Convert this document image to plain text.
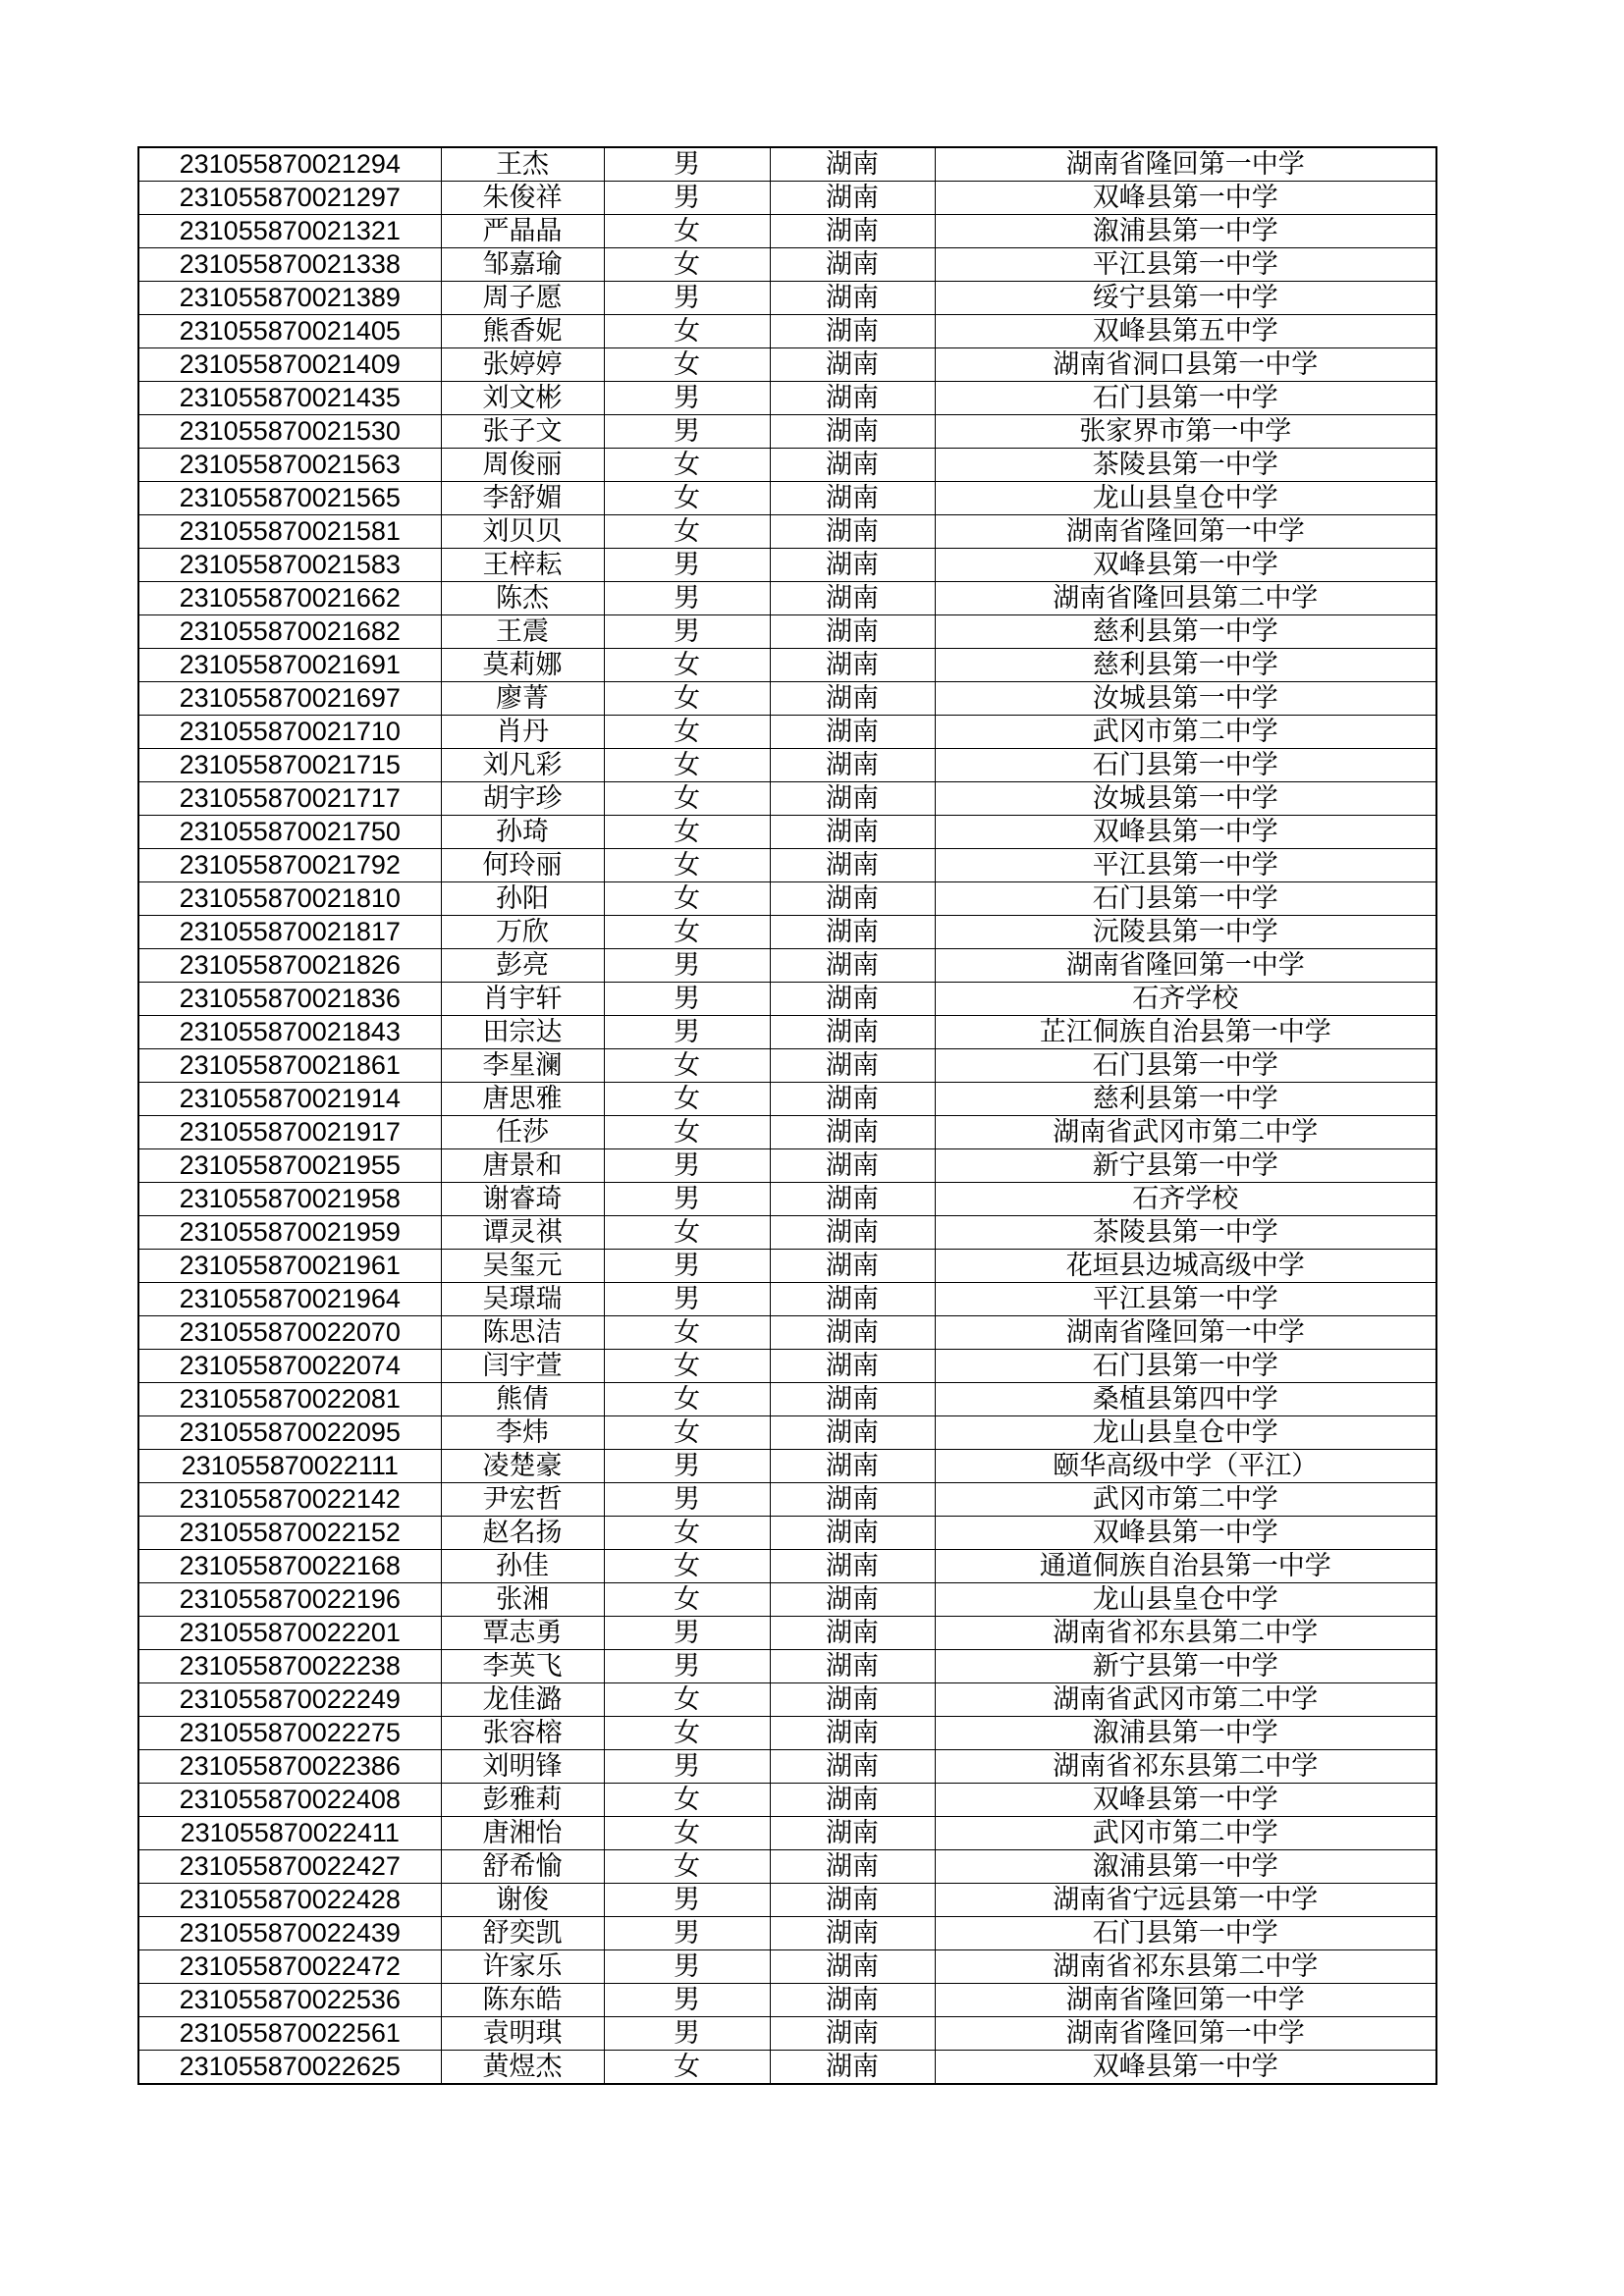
231055870021294	王杰	男	湖南	湖南省隆回第一中学
231055870021297	朱俊祥	男	湖南	双峰县第一中学
231055870021321	严晶晶	女	湖南	溆浦县第一中学
231055870021338	邹嘉瑜	女	湖南	平江县第一中学
231055870021389	周子愿	男	湖南	绥宁县第一中学
231055870021405	熊香妮	女	湖南	双峰县第五中学
231055870021409	张婷婷	女	湖南	湖南省洞口县第一中学
231055870021435	刘文彬	男	湖南	石门县第一中学
231055870021530	张子文	男	湖南	张家界市第一中学
231055870021563	周俊丽	女	湖南	茶陵县第一中学
231055870021565	李舒媚	女	湖南	龙山县皇仓中学
231055870021581	刘贝贝	女	湖南	湖南省隆回第一中学
231055870021583	王梓耘	男	湖南	双峰县第一中学
231055870021662	陈杰	男	湖南	湖南省隆回县第二中学
231055870021682	王震	男	湖南	慈利县第一中学
231055870021691	莫莉娜	女	湖南	慈利县第一中学
231055870021697	廖菁	女	湖南	汝城县第一中学
231055870021710	肖丹	女	湖南	武冈市第二中学
231055870021715	刘凡彩	女	湖南	石门县第一中学
231055870021717	胡宇珍	女	湖南	汝城县第一中学
231055870021750	孙琦	女	湖南	双峰县第一中学
231055870021792	何玲丽	女	湖南	平江县第一中学
231055870021810	孙阳	女	湖南	石门县第一中学
231055870021817	万欣	女	湖南	沅陵县第一中学
231055870021826	彭亮	男	湖南	湖南省隆回第一中学
231055870021836	肖宇轩	男	湖南	石齐学校
231055870021843	田宗达	男	湖南	芷江侗族自治县第一中学
231055870021861	李星澜	女	湖南	石门县第一中学
231055870021914	唐思雅	女	湖南	慈利县第一中学
231055870021917	任莎	女	湖南	湖南省武冈市第二中学
231055870021955	唐景和	男	湖南	新宁县第一中学
231055870021958	谢睿琦	男	湖南	石齐学校
231055870021959	谭灵祺	女	湖南	茶陵县第一中学
231055870021961	吴玺元	男	湖南	花垣县边城高级中学
231055870021964	吴璟瑞	男	湖南	平江县第一中学
231055870022070	陈思洁	女	湖南	湖南省隆回第一中学
231055870022074	闫宇萱	女	湖南	石门县第一中学
231055870022081	熊倩	女	湖南	桑植县第四中学
231055870022095	李炜	女	湖南	龙山县皇仓中学
231055870022111	凌楚豪	男	湖南	颐华高级中学（平江）
231055870022142	尹宏哲	男	湖南	武冈市第二中学
231055870022152	赵名扬	女	湖南	双峰县第一中学
231055870022168	孙佳	女	湖南	通道侗族自治县第一中学
231055870022196	张湘	女	湖南	龙山县皇仓中学
231055870022201	覃志勇	男	湖南	湖南省祁东县第二中学
231055870022238	李英飞	男	湖南	新宁县第一中学
231055870022249	龙佳潞	女	湖南	湖南省武冈市第二中学
231055870022275	张容榕	女	湖南	溆浦县第一中学
231055870022386	刘明锋	男	湖南	湖南省祁东县第二中学
231055870022408	彭雅莉	女	湖南	双峰县第一中学
231055870022411	唐湘怡	女	湖南	武冈市第二中学
231055870022427	舒希愉	女	湖南	溆浦县第一中学
231055870022428	谢俊	男	湖南	湖南省宁远县第一中学
231055870022439	舒奕凯	男	湖南	石门县第一中学
231055870022472	许家乐	男	湖南	湖南省祁东县第二中学
231055870022536	陈东皓	男	湖南	湖南省隆回第一中学
231055870022561	袁明琪	男	湖南	湖南省隆回第一中学
231055870022625	黄煜杰	女	湖南	双峰县第一中学
